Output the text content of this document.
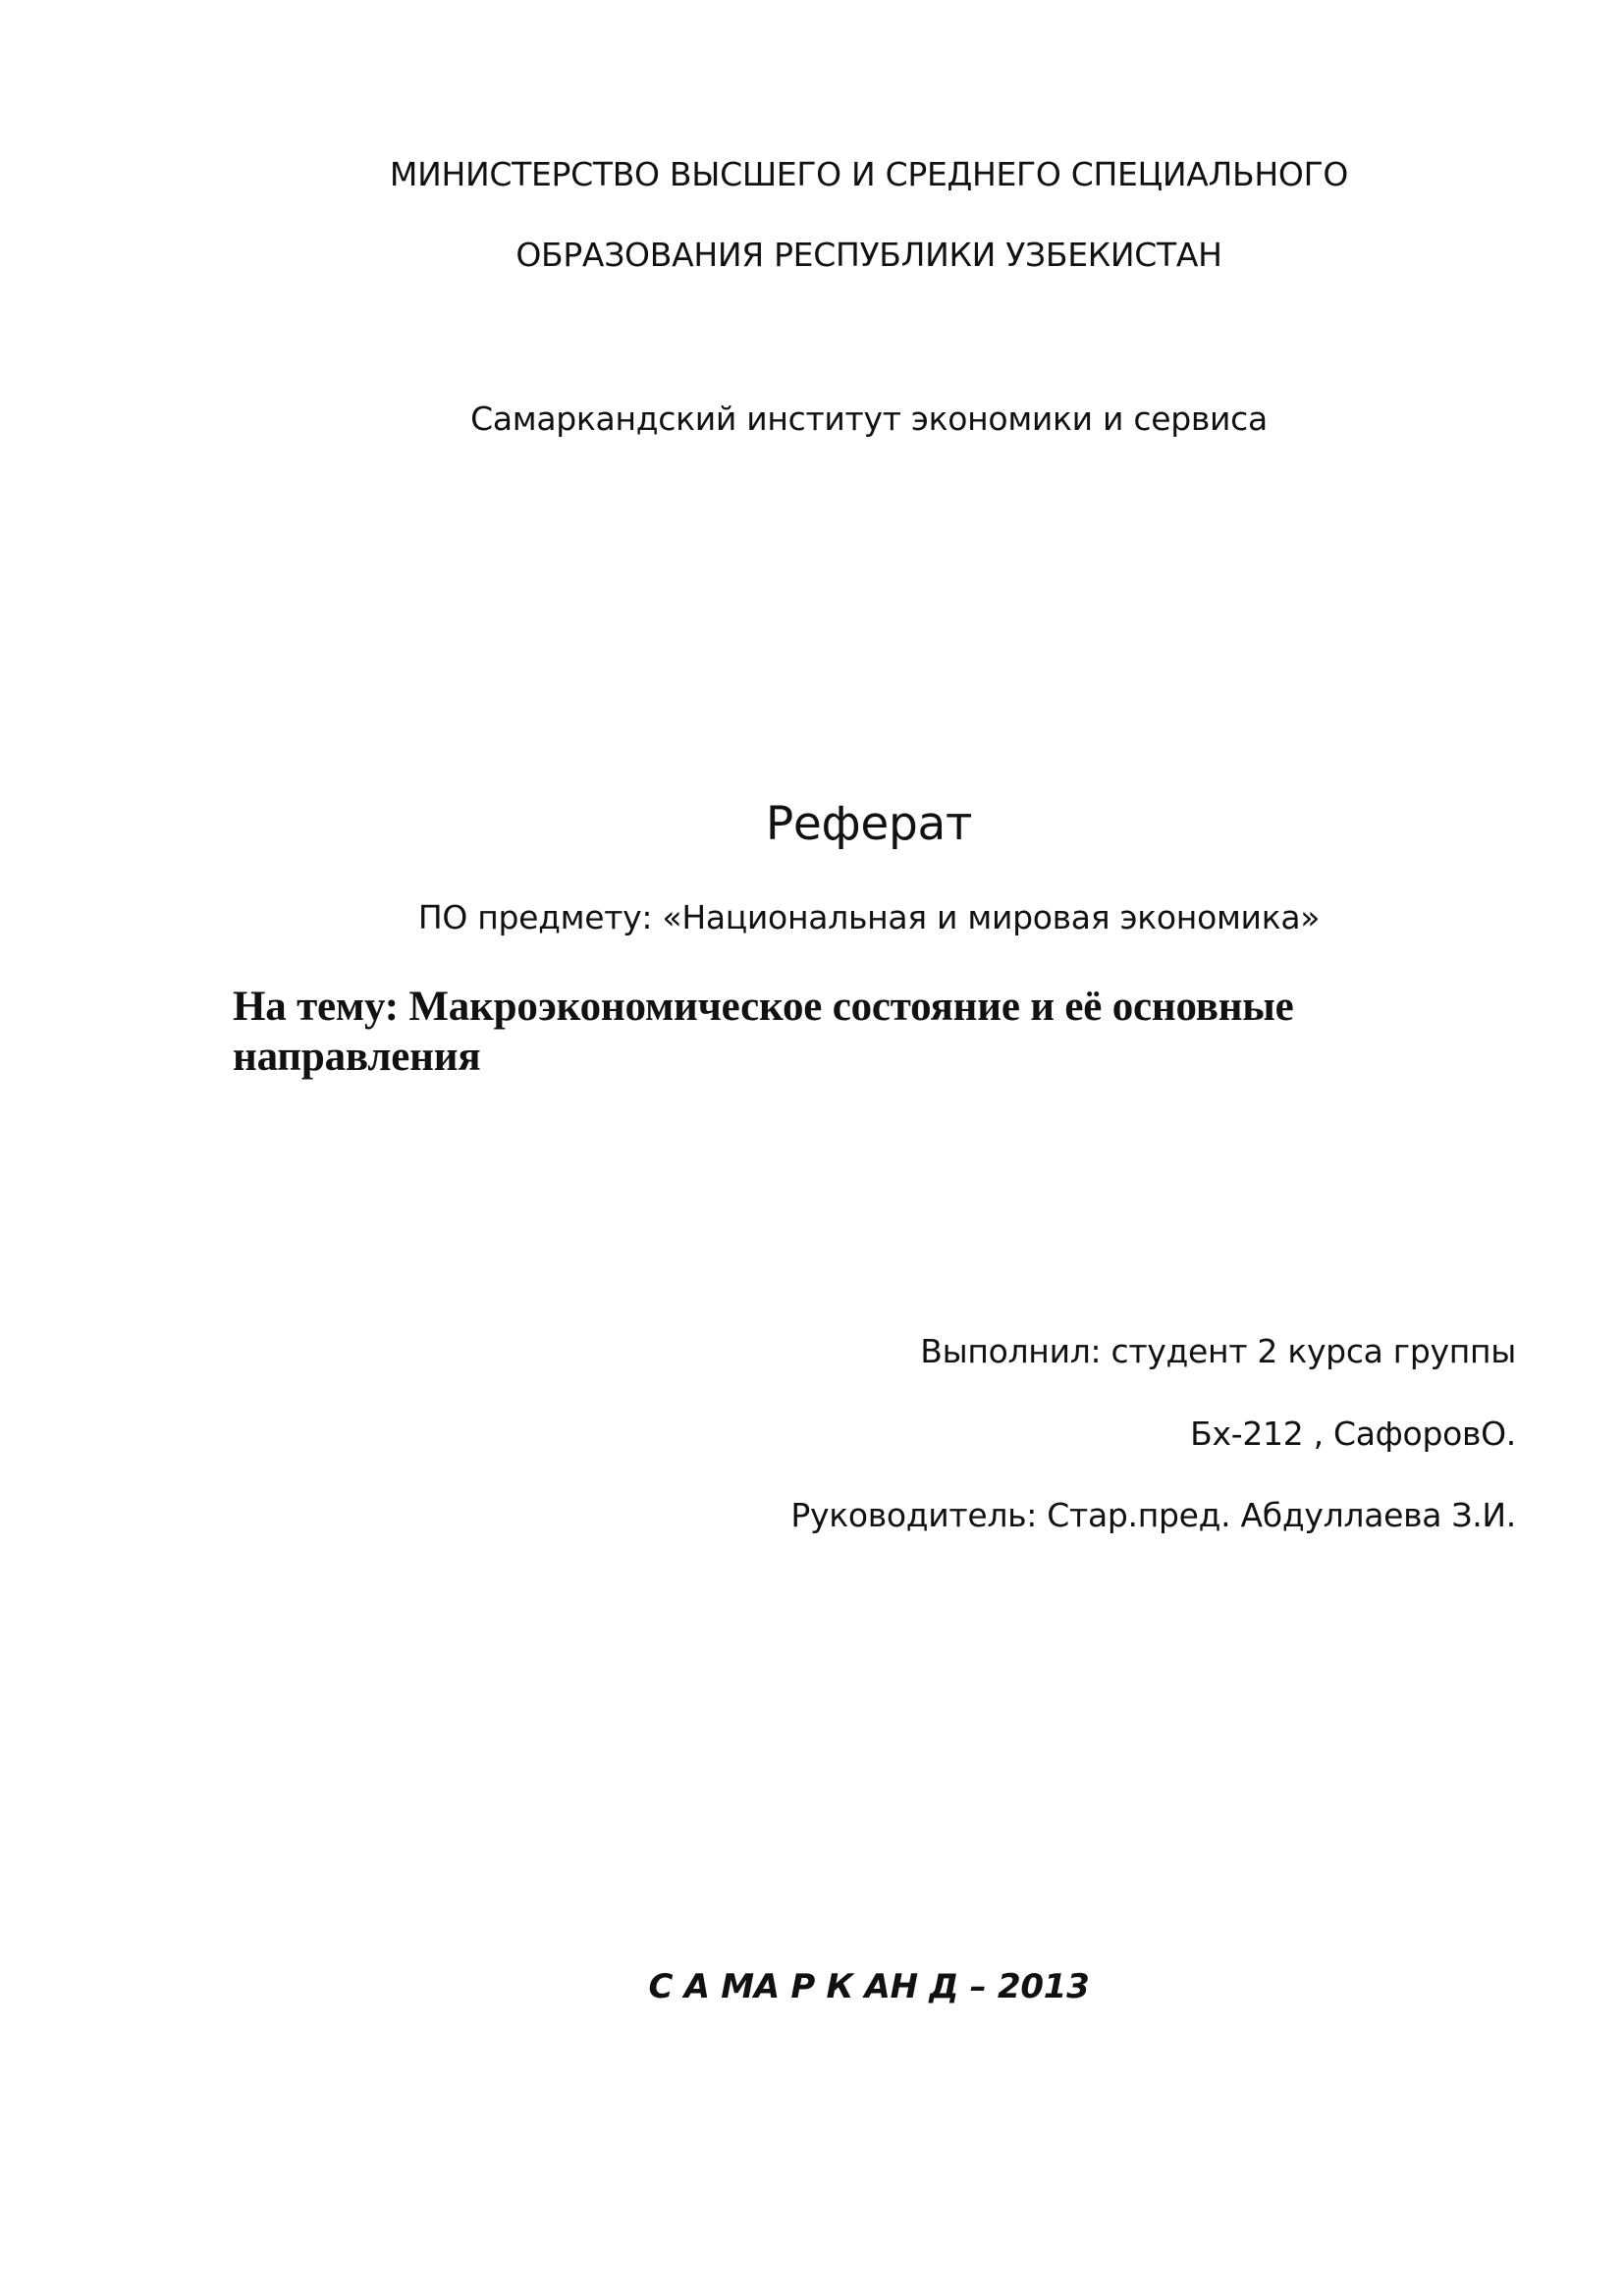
МИНИСТЕРСТВО ВЫСШЕГО И СРЕДНЕГО СПЕЦИАЛЬНОГО
ОБРАЗОВАНИЯ РЕСПУБЛИКИ УЗБЕКИСТАН
Самаркандский институт экономики и сервиса
Реферат
ПО предмету: «Национальная и мировая экономика»
На тему: Макроэкономическое состояние и её основные направления
Выполнил: студент 2 курса группы
Бх-212 , СафоровО.
Руководитель: Стар.пред. Абдуллаева З.И.
С А МА Р К АН Д – 2013
